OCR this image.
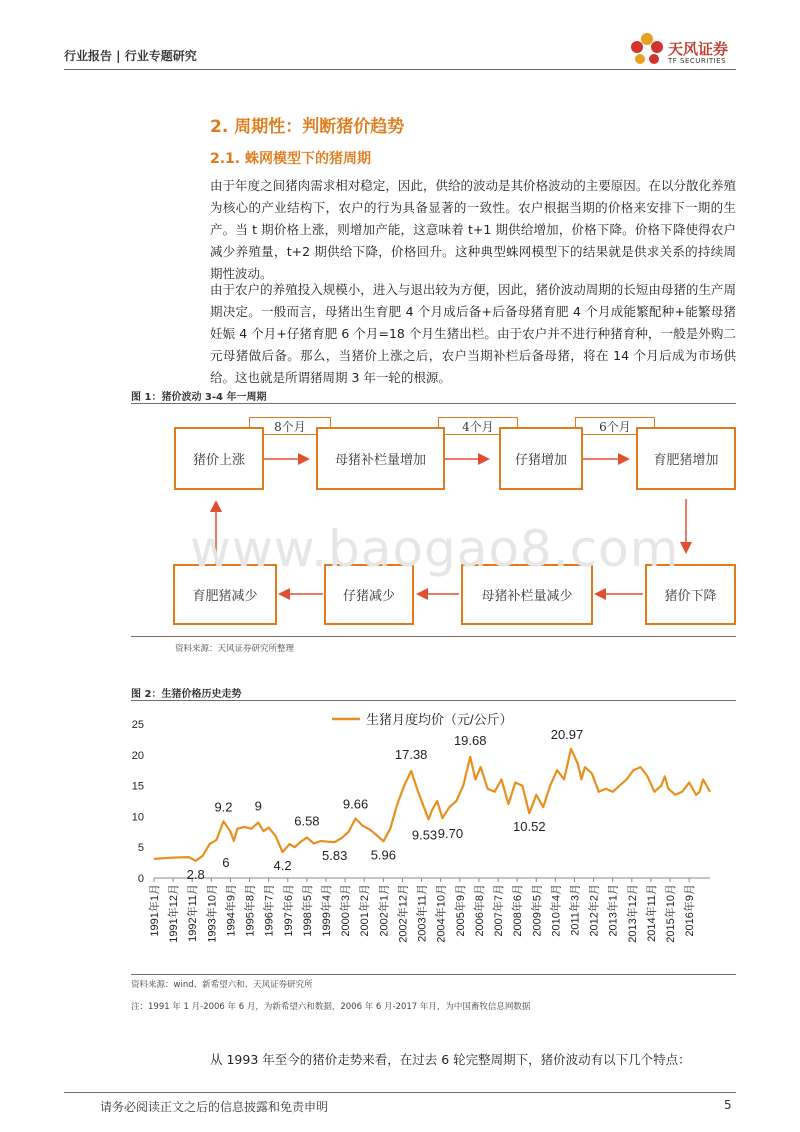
行业报告 | 行业专题研究	天风证券
TF SECURITIES
2. 周期性：判断猪价趋势
2.1. 蛛网模型下的猪周期

由于年度之间猪肉需求相对稳定，因此，供给的波动是其价格波动的主要原因。在以分散化养殖为核心的产业结构下，农户的行为具备显著的一致性。农户根据当期的价格来安排下一期的生产。当 t 期价格上涨，则增加产能，这意味着 t+1 期供给增加，价格下降。价格下降使得农户减少养殖量，t+2 期供给下降，价格回升。这种典型蛛网模型下的结果就是供求关系的持续周期性波动。

由于农户的养殖投入规模小，进入与退出较为方便，因此，猪价波动周期的长短由母猪的生产周期决定。一般而言，母猪出生育肥 4 个月成后备+后备母猪育肥 4 个月成能繁配种+能繁母猪妊娠 4 个月+仔猪育肥 6 个月=18 个月生猪出栏。由于农户并不进行种猪育种，一般是外购二元母猪做后备。那么，当猪价上涨之后，农户当期补栏后备母猪，将在 14 个月后成为市场供给。这也就是所谓猪周期 3 年一轮的根源。

图 1：猪价波动 3-4 年一周期
8个月	4个月	6个月
猪价上涨	母猪补栏量增加	仔猪增加	育肥猪增加
猪价下降
母猪补栏量减少
仔猪减少
育肥猪减少
www.baogao8.com
资料来源：天风证券研究所整理
图 2：生猪价格历史走势
0
5
10
15
20
25
1991年1月 1991年12月 1992年11月 1993年10月 1994年9月 1995年8月 1996年7月 1997年6月 1998年5月 1999年4月 2000年3月 2001年2月 2002年1月 2002年12月 2003年11月 2004年10月 2005年9月 2006年8月 2007年7月 2008年6月 2009年5月 2010年4月 2011年3月 2012年2月 2013年1月 2013年12月 2014年11月 2015年10月 2016年9月
2.8
9.2
6
9
4.2
6.58
5.83
9.66
5.96
17.38
9.53 9.70
19.68
10.52
20.97
生猪月度均价（元/公斤）
资料来源：wind、新希望六和、天风证券研究所
注：1991 年 1 月-2006 年 6 月，为新希望六和数据，2006 年 6 月-2017 年月，为中国畜牧信息网数据
从 1993 年至今的猪价走势来看，在过去 6 轮完整周期下，猪价波动有以下几个特点：
请务必阅读正文之后的信息披露和免责申明	5
